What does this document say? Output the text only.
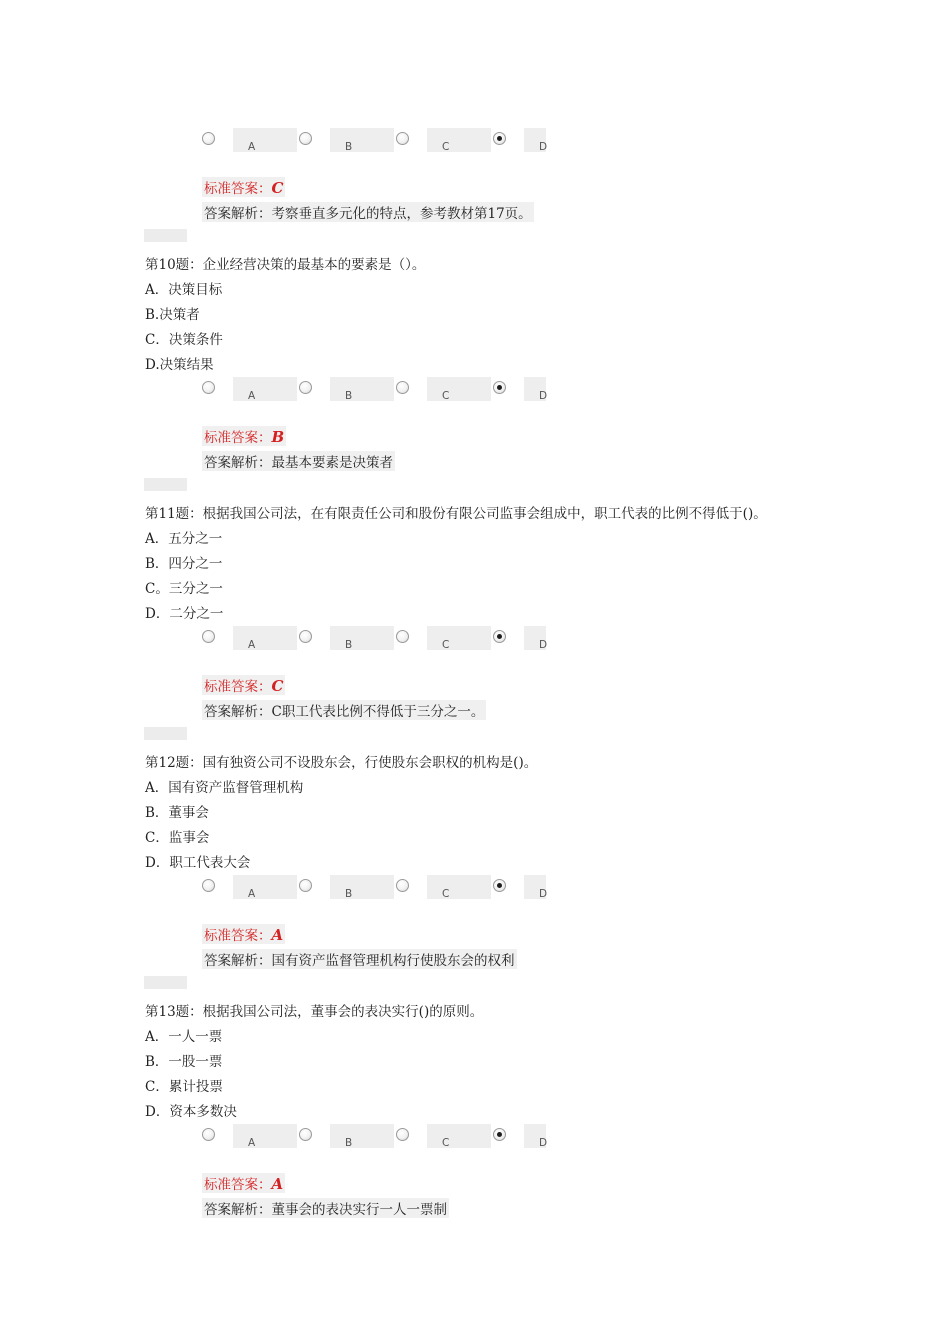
A	B	C	D
标准答案：C
答案解析：考察垂直多元化的特点，参考教材第17页。
第10题：企业经营决策的最基本的要素是（）。
A．决策目标
B.决策者
C．决策条件
D.决策结果
A	B	C	D
标准答案：B
答案解析：最基本要素是决策者
第11题：根据我国公司法，在有限责任公司和股份有限公司监事会组成中，职工代表的比例不得低于()。
A．五分之一
B．四分之一
C。三分之一
D．二分之一
A	B	C	D
标准答案：C
答案解析：C职工代表比例不得低于三分之一。
第12题：国有独资公司不设股东会，行使股东会职权的机构是()。
A．国有资产监督管理机构
B．董事会
C．监事会
D．职工代表大会
A	B	C	D
标准答案：A
答案解析：国有资产监督管理机构行使股东会的权利
第13题：根据我国公司法，董事会的表决实行()的原则。
A．一人一票
B．一股一票
C．累计投票
D．资本多数决
A	B	C	D
标准答案：A
答案解析：董事会的表决实行一人一票制
